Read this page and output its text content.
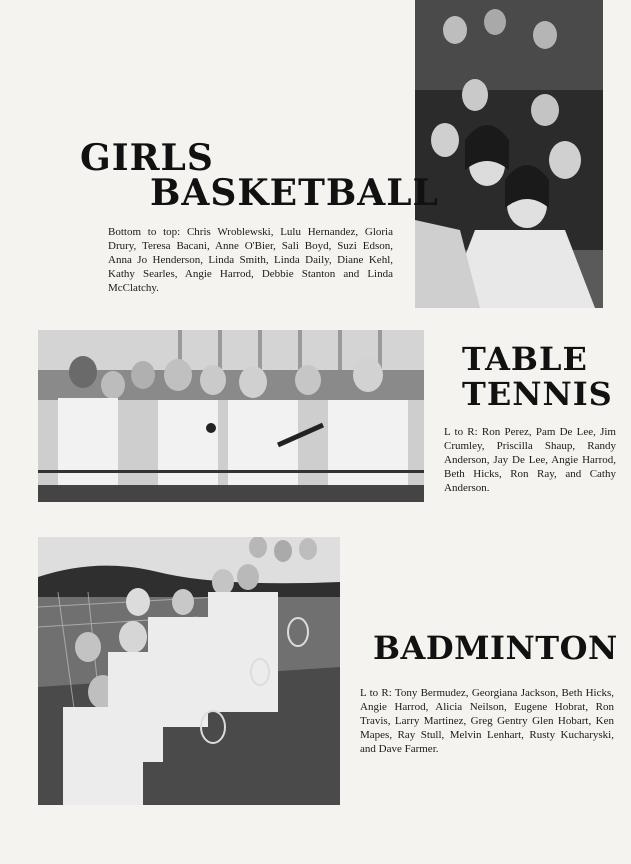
GIRLS
BASKETBALL

Bottom to top: Chris Wroblewski, Lulu Hernandez, Gloria Drury, Teresa Bacani, Anne O'Bier, Sali Boyd, Suzi Edson, Anna Jo Henderson, Linda Smith, Linda Daily, Diane Kehl, Kathy Searles, Angie Harrod, Debbie Stanton and Linda McClatchy.

TABLE
TENNIS

L to R: Ron Perez, Pam De Lee, Jim Crumley, Priscilla Shaup, Randy Anderson, Jay De Lee, Angie Harrod, Beth Hicks, Ron Ray, and Cathy Anderson.

BADMINTON

L to R: Tony Bermudez, Georgiana Jackson, Beth Hicks, Angie Harrod, Alicia Neilson, Eugene Hobrat, Ron Travis, Larry Martinez, Greg Gentry Glen Hobart, Ken Mapes, Ray Stull, Melvin Lenhart, Rusty Kucharyski, and Dave Farmer.
